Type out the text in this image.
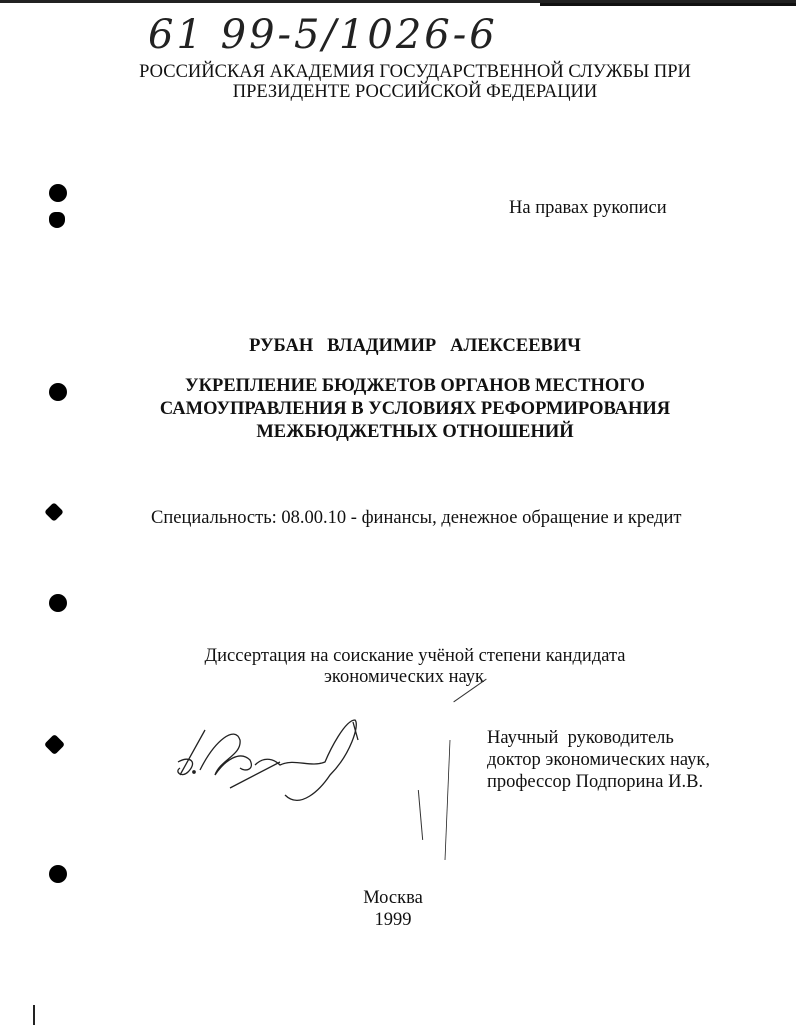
61 99-5/1026-6
РОССИЙСКАЯ АКАДЕМИЯ ГОСУДАРСТВЕННОЙ СЛУЖБЫ ПРИ
ПРЕЗИДЕНТЕ РОССИЙСКОЙ ФЕДЕРАЦИИ
На правах рукописи
РУБАН   ВЛАДИМИР   АЛЕКСЕЕВИЧ
УКРЕПЛЕНИЕ БЮДЖЕТОВ ОРГАНОВ МЕСТНОГО
САМОУПРАВЛЕНИЯ В УСЛОВИЯХ РЕФОРМИРОВАНИЯ
МЕЖБЮДЖЕТНЫХ ОТНОШЕНИЙ
Специальность: 08.00.10 - финансы, денежное обращение и кредит
Диссертация на соискание учёной степени кандидата
экономических наук
Научный  руководитель
доктор экономических наук,
профессор Подпорина И.В.
Москва
1999
